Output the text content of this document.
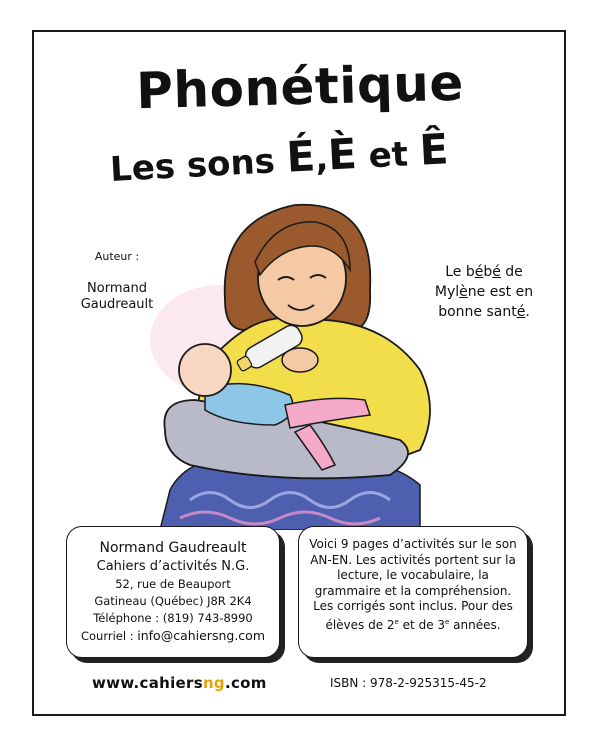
Phonétique
Les sons É,È et Ê
Auteur :
Normand
Gaudreault
Le bébé de
Mylène est en
bonne santé.
Normand Gaudreault
Cahiers d’activités N.G.
52, rue de Beauport
Gatineau (Québec) J8R 2K4
Téléphone : (819) 743-8990
Courriel : info@cahiersng.com
Voici 9 pages d’activités sur le son AN-EN. Les activités portent sur la lecture, le vocabulaire, la grammaire et la compréhension. Les corrigés sont inclus. Pour des élèves de 2e et de 3e années.
www.cahiersng.com	ISBN : 978-2-925315-45-2
